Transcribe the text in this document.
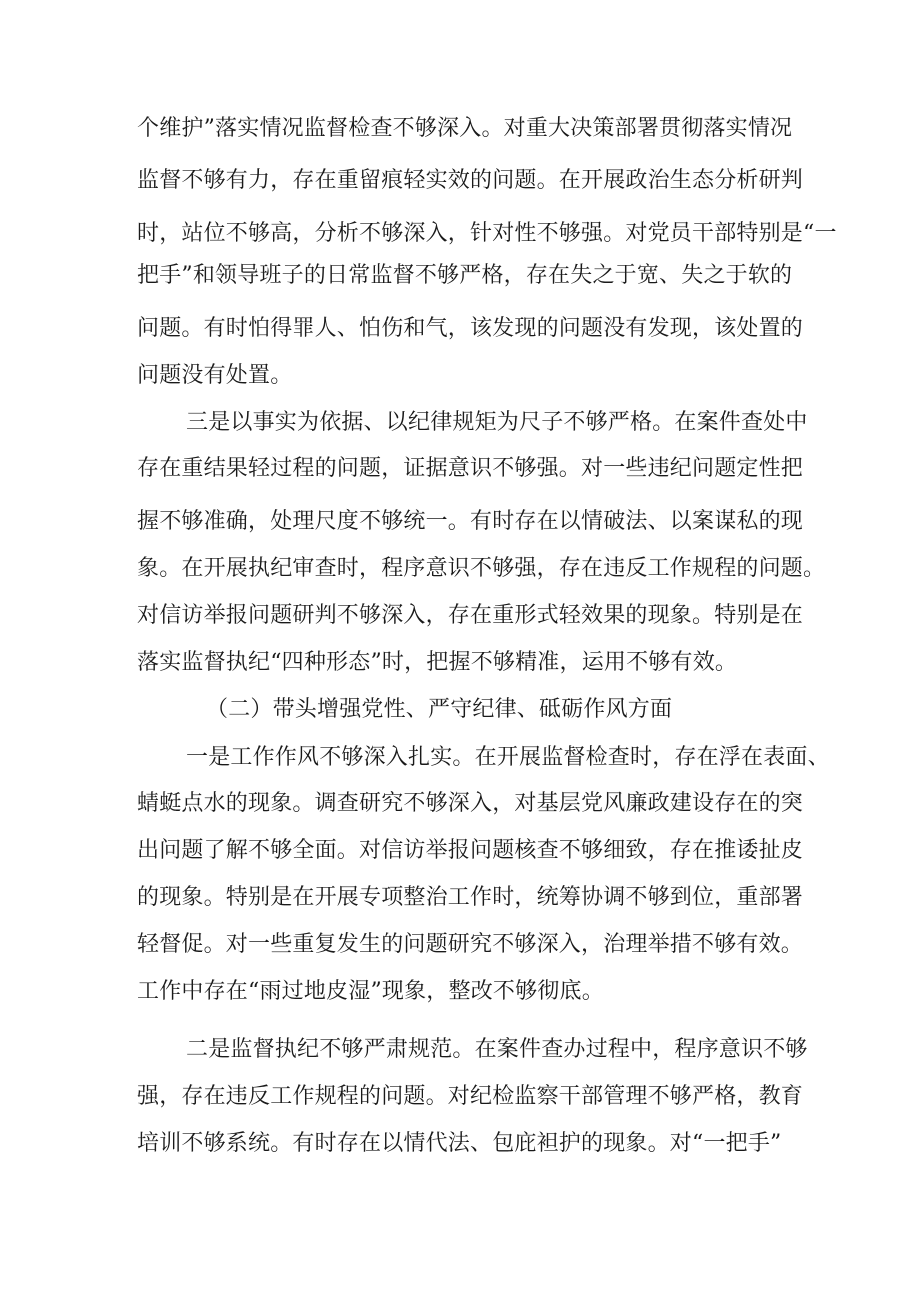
个维护”落实情况监督检查不够深入。对重大决策部署贯彻落实情况
监督不够有力，存在重留痕轻实效的问题。在开展政治生态分析研判
时，站位不够高，分析不够深入，针对性不够强。对党员干部特别是“一
把手”和领导班子的日常监督不够严格，存在失之于宽、失之于软的
问题。有时怕得罪人、怕伤和气，该发现的问题没有发现，该处置的
问题没有处置。
三是以事实为依据、以纪律规矩为尺子不够严格。在案件查处中
存在重结果轻过程的问题，证据意识不够强。对一些违纪问题定性把
握不够准确，处理尺度不够统一。有时存在以情破法、以案谋私的现
象。在开展执纪审查时，程序意识不够强，存在违反工作规程的问题。
对信访举报问题研判不够深入，存在重形式轻效果的现象。特别是在
落实监督执纪“四种形态”时，把握不够精准，运用不够有效。
（二）带头增强党性、严守纪律、砥砺作风方面
一是工作作风不够深入扎实。在开展监督检查时，存在浮在表面、
蜻蜓点水的现象。调查研究不够深入，对基层党风廉政建设存在的突
出问题了解不够全面。对信访举报问题核查不够细致，存在推诿扯皮
的现象。特别是在开展专项整治工作时，统筹协调不够到位，重部署
轻督促。对一些重复发生的问题研究不够深入，治理举措不够有效。
工作中存在“雨过地皮湿”现象，整改不够彻底。
二是监督执纪不够严肃规范。在案件查办过程中，程序意识不够
强，存在违反工作规程的问题。对纪检监察干部管理不够严格，教育
培训不够系统。有时存在以情代法、包庇袒护的现象。对“一把手”
